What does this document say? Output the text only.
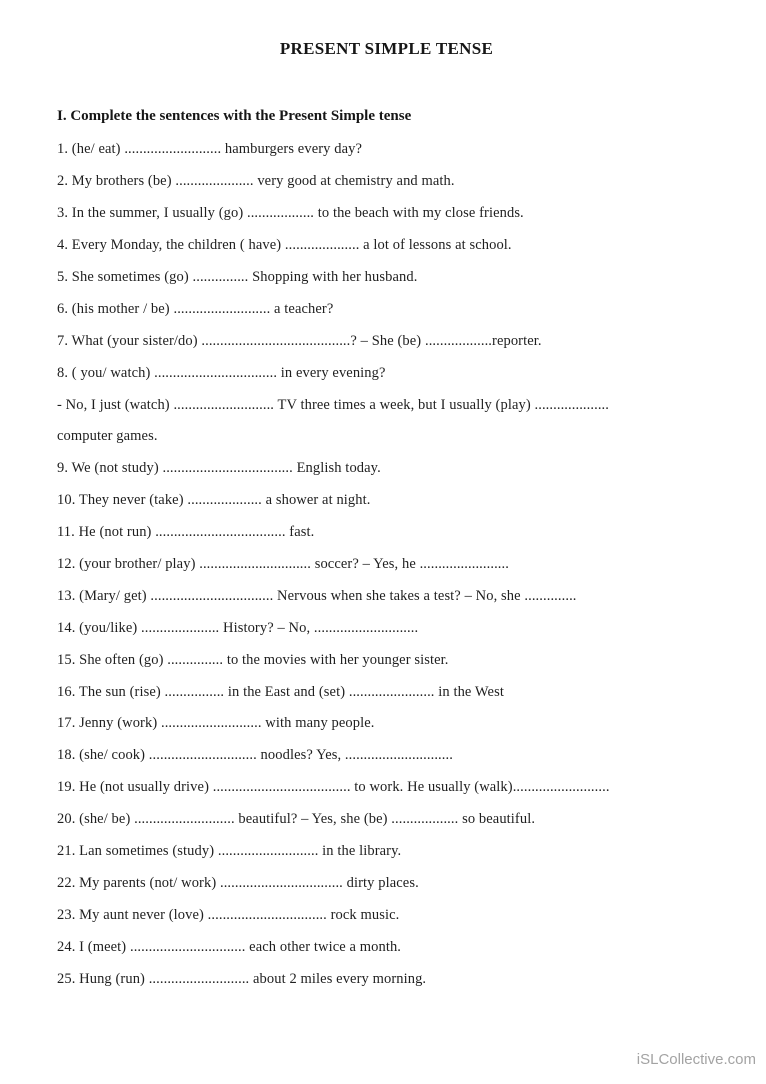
PRESENT SIMPLE TENSE
I. Complete the sentences with the Present Simple tense

1. (he/ eat) .......................... hamburgers every day?

2. My brothers (be) ..................... very good at chemistry and math.

3. In the summer, I usually (go) .................. to the beach with my close friends.

4. Every Monday, the children ( have) .................... a lot of lessons at school.

5. She sometimes (go) ............... Shopping with her husband.

6. (his mother / be) .......................... a teacher?

7. What (your sister/do) ........................................? – She (be) ..................reporter.

8. ( you/ watch) ................................. in every evening?

- No, I just (watch) ........................... TV three times a week, but I usually (play) ....................

computer games.

9. We (not study) ................................... English today.

10. They never (take) .................... a shower at night.

11. He (not run) ................................... fast.

12. (your brother/ play) .............................. soccer? – Yes, he ........................

13. (Mary/ get) ................................. Nervous when she takes a test? – No, she ..............

14. (you/like) ..................... History? – No, ............................

15. She often (go) ............... to the movies with her younger sister.

16. The sun (rise) ................ in the East and (set) ....................... in the West

17. Jenny (work) ........................... with many people.

18. (she/ cook) ............................. noodles? Yes, .............................

19. He (not usually drive) ..................................... to work. He usually (walk)..........................

20. (she/ be) ........................... beautiful? – Yes, she (be) .................. so beautiful.

21. Lan sometimes (study) ........................... in the library.

22. My parents (not/ work) ................................. dirty places.

23. My aunt never (love) ................................ rock music.

24. I (meet) ............................... each other twice a month.

25. Hung (run) ........................... about 2 miles every morning.

iSLCollective.com
